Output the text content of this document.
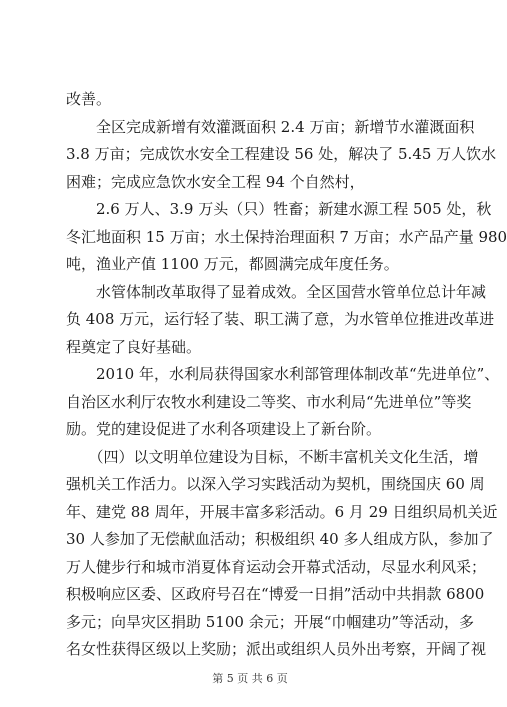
改善。
　　全区完成新增有效灌溉面积 2.4 万亩；新增节水灌溉面积
3.8 万亩；完成饮水安全工程建设 56 处，解决了 5.45 万人饮水
困难；完成应急饮水安全工程 94 个自然村，
　　2.6 万人、3.9 万头（只）牲畜；新建水源工程 505 处，秋
冬汇地面积 15 万亩；水土保持治理面积 7 万亩；水产品产量 980
吨，渔业产值 1100 万元，都圆满完成年度任务。
　　水管体制改革取得了显着成效。全区国营水管单位总计年减
负 408 万元，运行轻了装、职工满了意，为水管单位推进改革进
程奠定了良好基础。
　　2010 年，水利局获得国家水利部管理体制改革“先进单位”、
自治区水利厅农牧水利建设二等奖、市水利局“先进单位”等奖
励。党的建设促进了水利各项建设上了新台阶。
　　（四）以文明单位建设为目标，不断丰富机关文化生活，增
强机关工作活力。以深入学习实践活动为契机，围绕国庆 60 周
年、建党 88 周年，开展丰富多彩活动。6 月 29 日组织局机关近
30 人参加了无偿献血活动；积极组织 40 多人组成方队，参加了
万人健步行和城市消夏体育运动会开幕式活动，尽显水利风采；
积极响应区委、区政府号召在“博爱一日捐”活动中共捐款 6800
多元；向旱灾区捐助 5100 余元；开展“巾帼建功”等活动，多
名女性获得区级以上奖励；派出或组织人员外出考察，开阔了视
第 5 页 共 6 页
